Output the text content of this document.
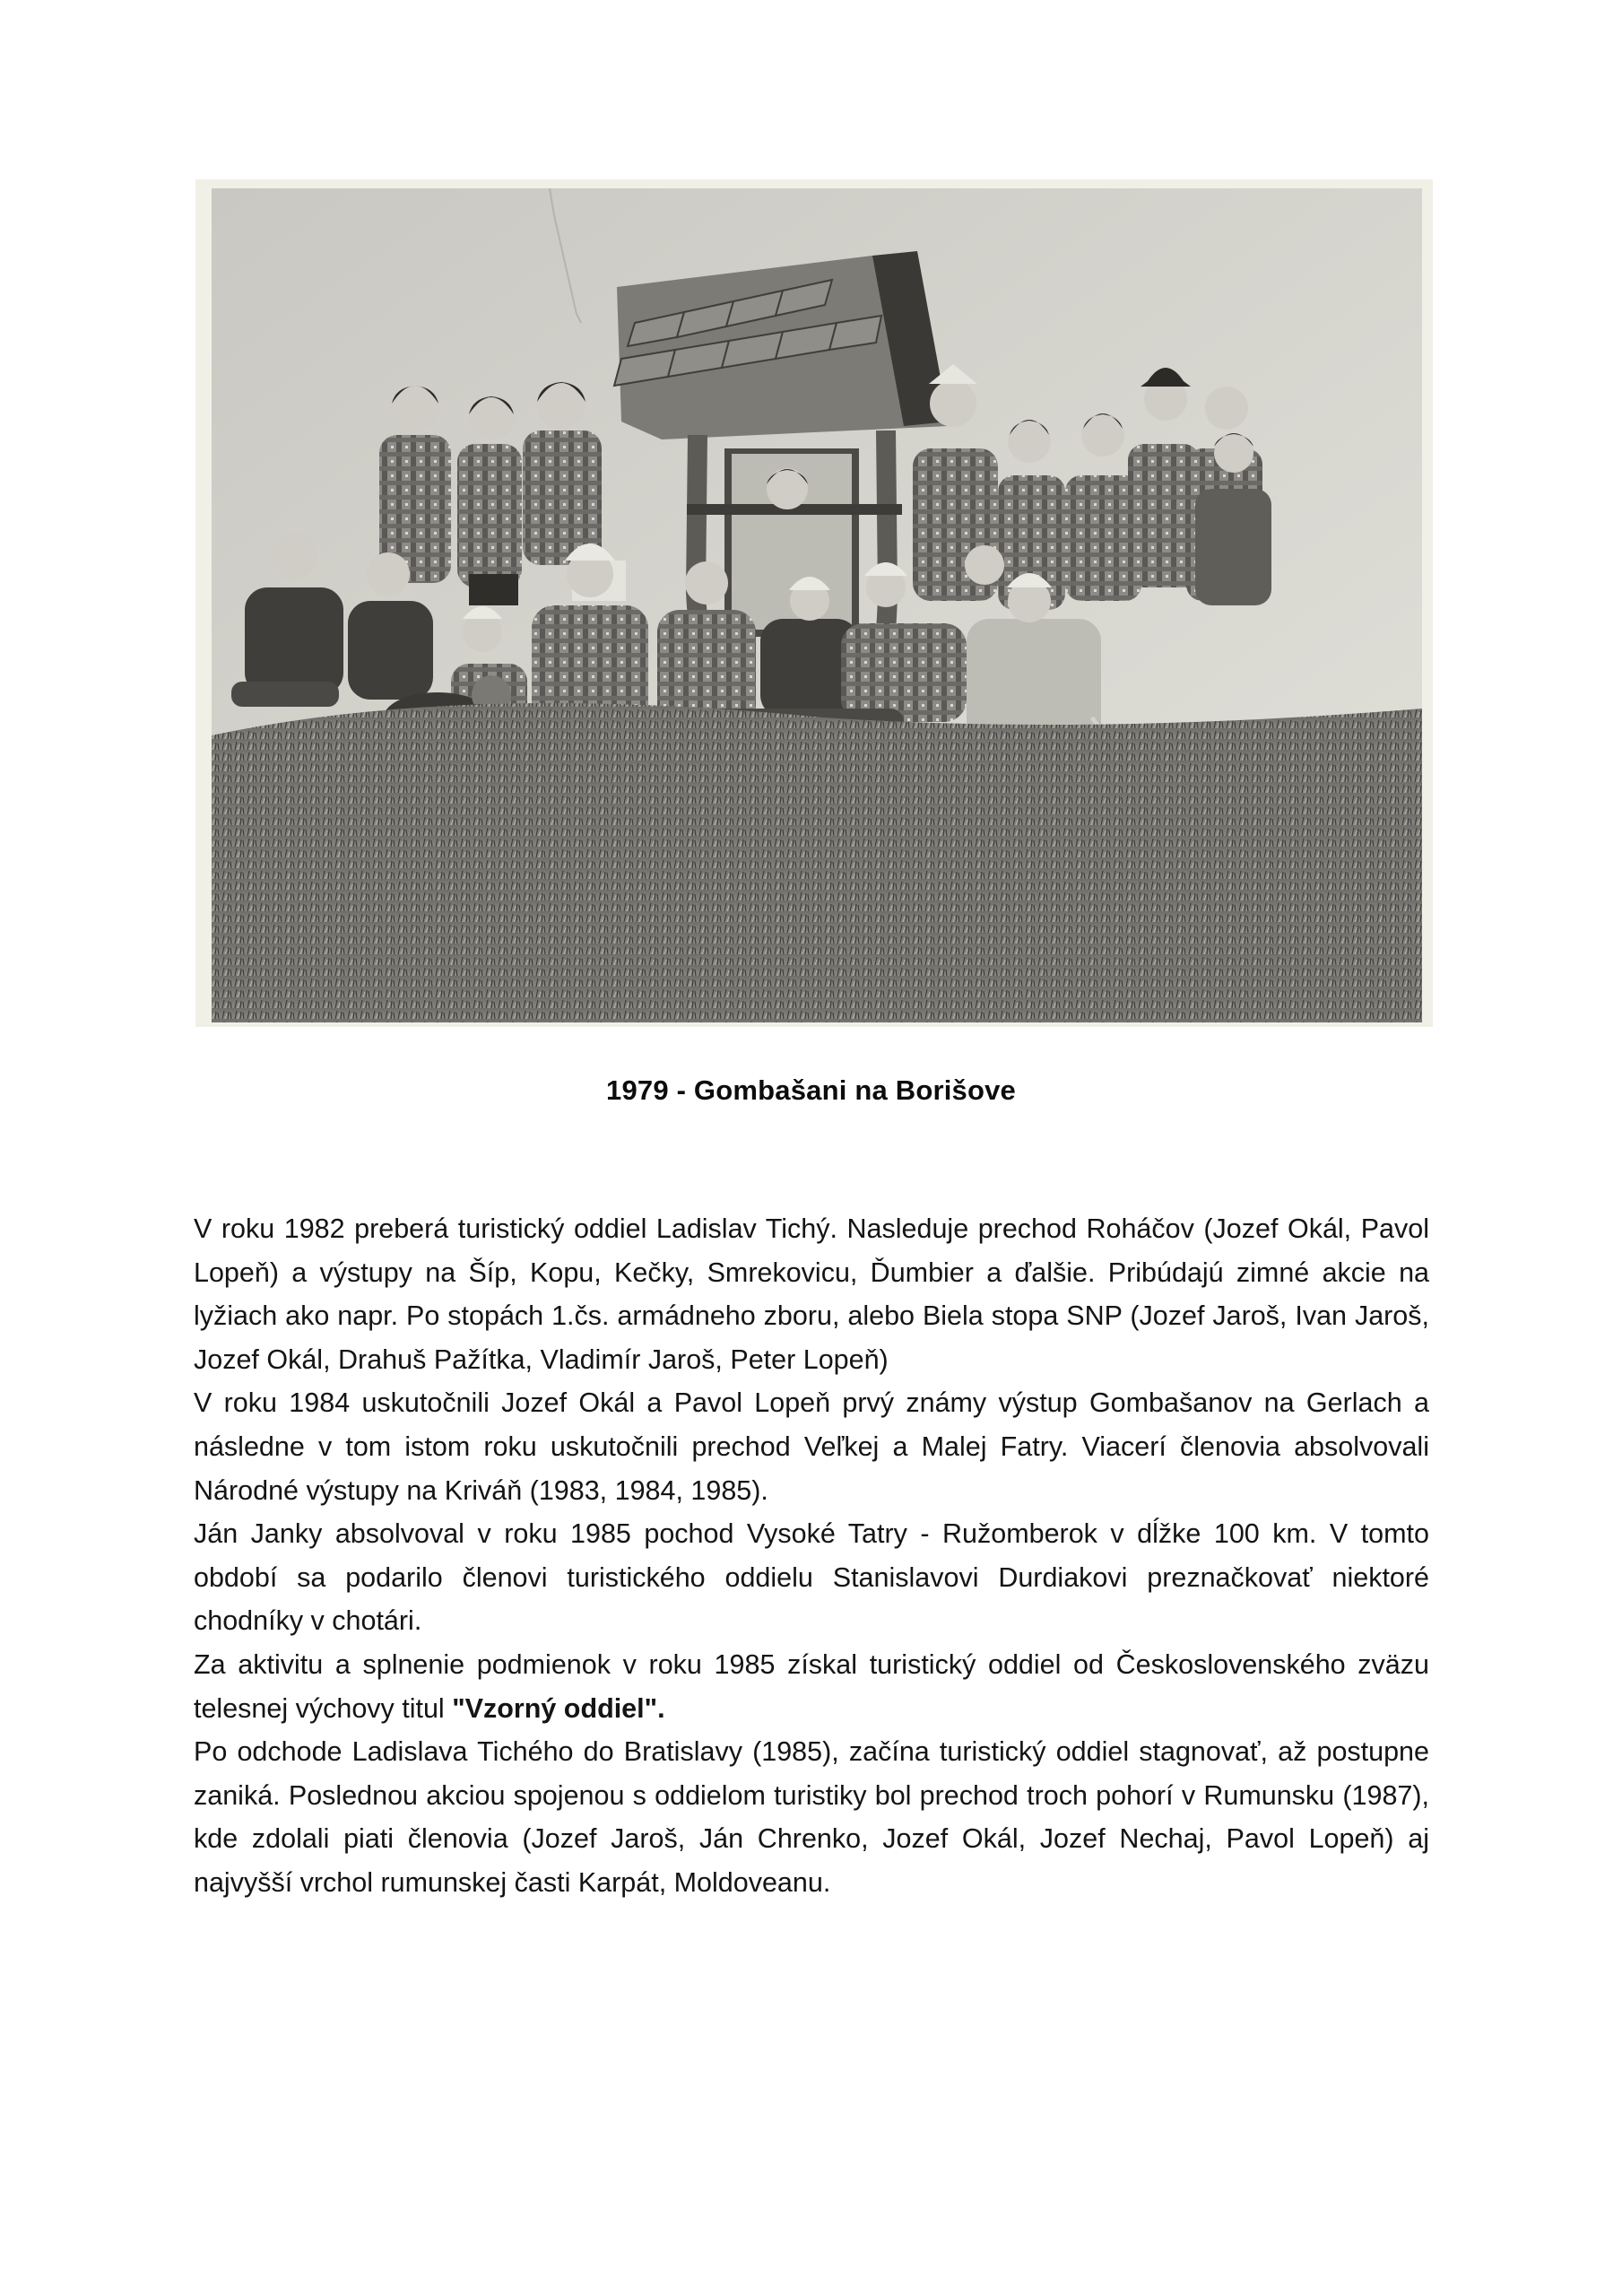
1979 - Gombašani na Borišove

V roku 1982 preberá turistický oddiel Ladislav Tichý. Nasleduje prechod Roháčov (Jozef Okál, Pavol Lopeň) a výstupy na Šíp, Kopu, Kečky, Smrekovicu, Ďumbier a ďalšie. Pribúdajú zimné akcie na lyžiach ako napr. Po stopách 1.čs. armádneho zboru, alebo Biela stopa SNP (Jozef Jaroš, Ivan Jaroš, Jozef Okál, Drahuš Pažítka, Vladimír Jaroš, Peter Lopeň)

V roku 1984 uskutočnili Jozef Okál a Pavol Lopeň prvý známy výstup Gombašanov na Gerlach a následne v tom istom roku uskutočnili prechod Veľkej a Malej Fatry. Viacerí členovia absolvovali Národné výstupy na Kriváň (1983, 1984, 1985).

Ján Janky absolvoval v roku 1985 pochod Vysoké Tatry - Ružomberok v dĺžke 100 km. V tomto období sa podarilo členovi turistického oddielu Stanislavovi Durdiakovi preznačkovať niektoré chodníky v chotári.

Za aktivitu a splnenie podmienok v roku 1985 získal turistický oddiel od Československého zväzu telesnej výchovy titul "Vzorný oddiel".

Po odchode Ladislava Tichého do Bratislavy (1985), začína turistický oddiel stagnovať, až postupne zaniká. Poslednou akciou spojenou s oddielom turistiky bol prechod troch pohorí v Rumunsku (1987), kde zdolali piati členovia (Jozef Jaroš, Ján Chrenko, Jozef Okál, Jozef Nechaj, Pavol Lopeň) aj najvyšší vrchol rumunskej časti Karpát, Moldoveanu.
